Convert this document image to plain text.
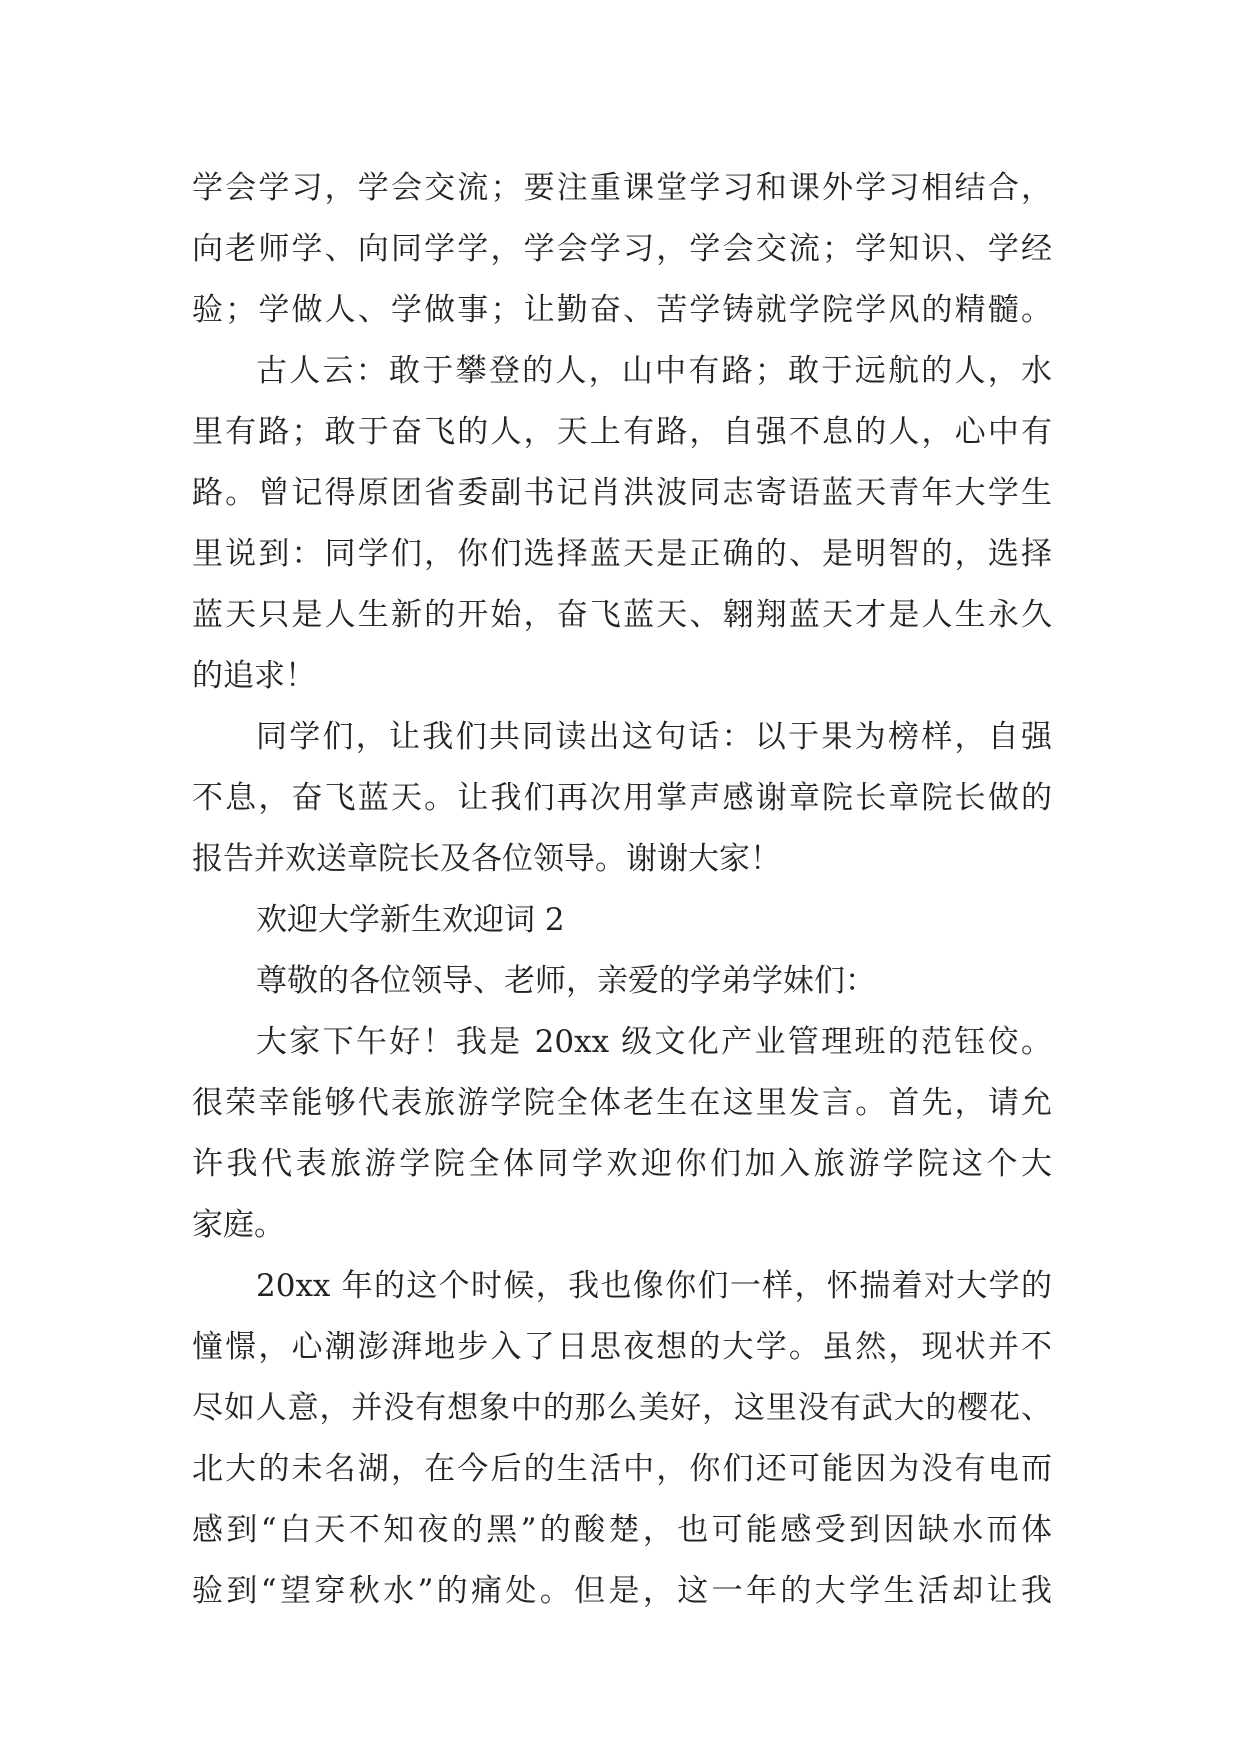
学会学习，学会交流；要注重课堂学习和课外学习相结合，
向老师学、向同学学，学会学习，学会交流；学知识、学经
验；学做人、学做事；让勤奋、苦学铸就学院学风的精髓。
古人云：敢于攀登的人，山中有路；敢于远航的人，水
里有路；敢于奋飞的人，天上有路，自强不息的人，心中有
路。曾记得原团省委副书记肖洪波同志寄语蓝天青年大学生
里说到：同学们，你们选择蓝天是正确的、是明智的，选择
蓝天只是人生新的开始，奋飞蓝天、翱翔蓝天才是人生永久
的追求！
同学们，让我们共同读出这句话：以于果为榜样，自强
不息，奋飞蓝天。让我们再次用掌声感谢章院长章院长做的
报告并欢送章院长及各位领导。谢谢大家！
欢迎大学新生欢迎词 2
尊敬的各位领导、老师，亲爱的学弟学妹们：
大家下午好！我是 20xx 级文化产业管理班的范钰佼。
很荣幸能够代表旅游学院全体老生在这里发言。首先，请允
许我代表旅游学院全体同学欢迎你们加入旅游学院这个大
家庭。
20xx 年的这个时候，我也像你们一样，怀揣着对大学的
憧憬，心潮澎湃地步入了日思夜想的大学。虽然，现状并不
尽如人意，并没有想象中的那么美好，这里没有武大的樱花、
北大的未名湖，在今后的生活中，你们还可能因为没有电而
感到“白天不知夜的黑”的酸楚，也可能感受到因缺水而体
验到“望穿秋水”的痛处。但是，这一年的大学生活却让我
